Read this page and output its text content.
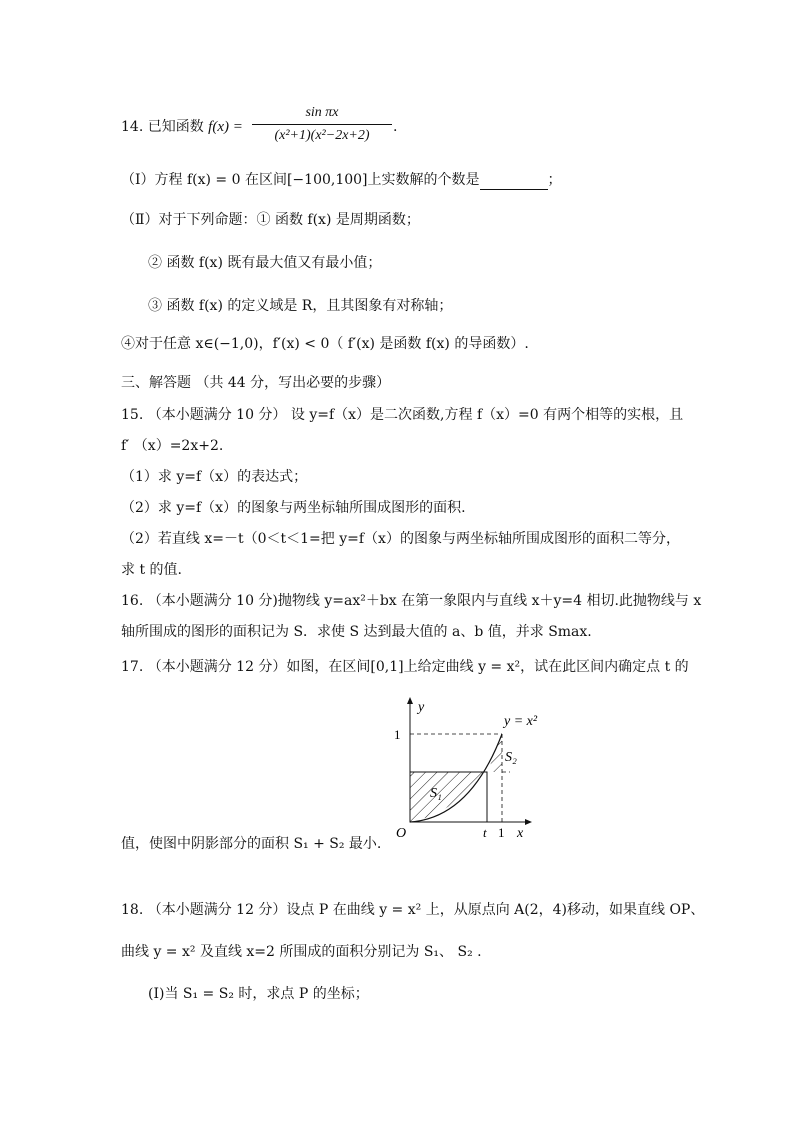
14. 已知函数 f(x) =
sin πx
(x²+1)(x²−2x+2)
.
（Ⅰ）方程 f(x) = 0 在区间[−100,100]上实数解的个数是	；
（Ⅱ）对于下列命题：① 函数 f(x) 是周期函数；
② 函数 f(x) 既有最大值又有最小值；
③ 函数 f(x) 的定义域是 R，且其图象有对称轴；
④对于任意 x∈(−1,0)，f′(x) < 0（ f′(x) 是函数 f(x) 的导函数）.
三、解答题 （共 44 分，写出必要的步骤）
15. （本小题满分 10 分） 设 y=f（x）是二次函数,方程 f（x）=0 有两个相等的实根，且
f′ （x）=2x+2.
（1）求 y=f（x）的表达式；
（2）求 y=f（x）的图象与两坐标轴所围成图形的面积.
（2）若直线 x=－t（0＜t＜1=把 y=f（x）的图象与两坐标轴所围成图形的面积二等分，
求 t 的值.
16. （本小题满分 10 分)抛物线 y=ax²＋bx 在第一象限内与直线 x＋y=4 相切.此抛物线与 x
轴所围成的图形的面积记为 S．求使 S 达到最大值的 a、b 值，并求 Smax.
17. （本小题满分 12 分）如图，在区间[0,1]上给定曲线 y = x²，试在此区间内确定点 t 的
y
y = x²
1
S₂
S₁
O	t 1 x
值，使图中阴影部分的面积 S₁ + S₂ 最小.
18. （本小题满分 12 分）设点 P 在曲线 y = x² 上，从原点向 A(2，4)移动，如果直线 OP、
曲线 y = x² 及直线 x=2 所围成的面积分别记为 S₁、 S₂ .
(Ⅰ)当 S₁ = S₂ 时，求点 P 的坐标；
